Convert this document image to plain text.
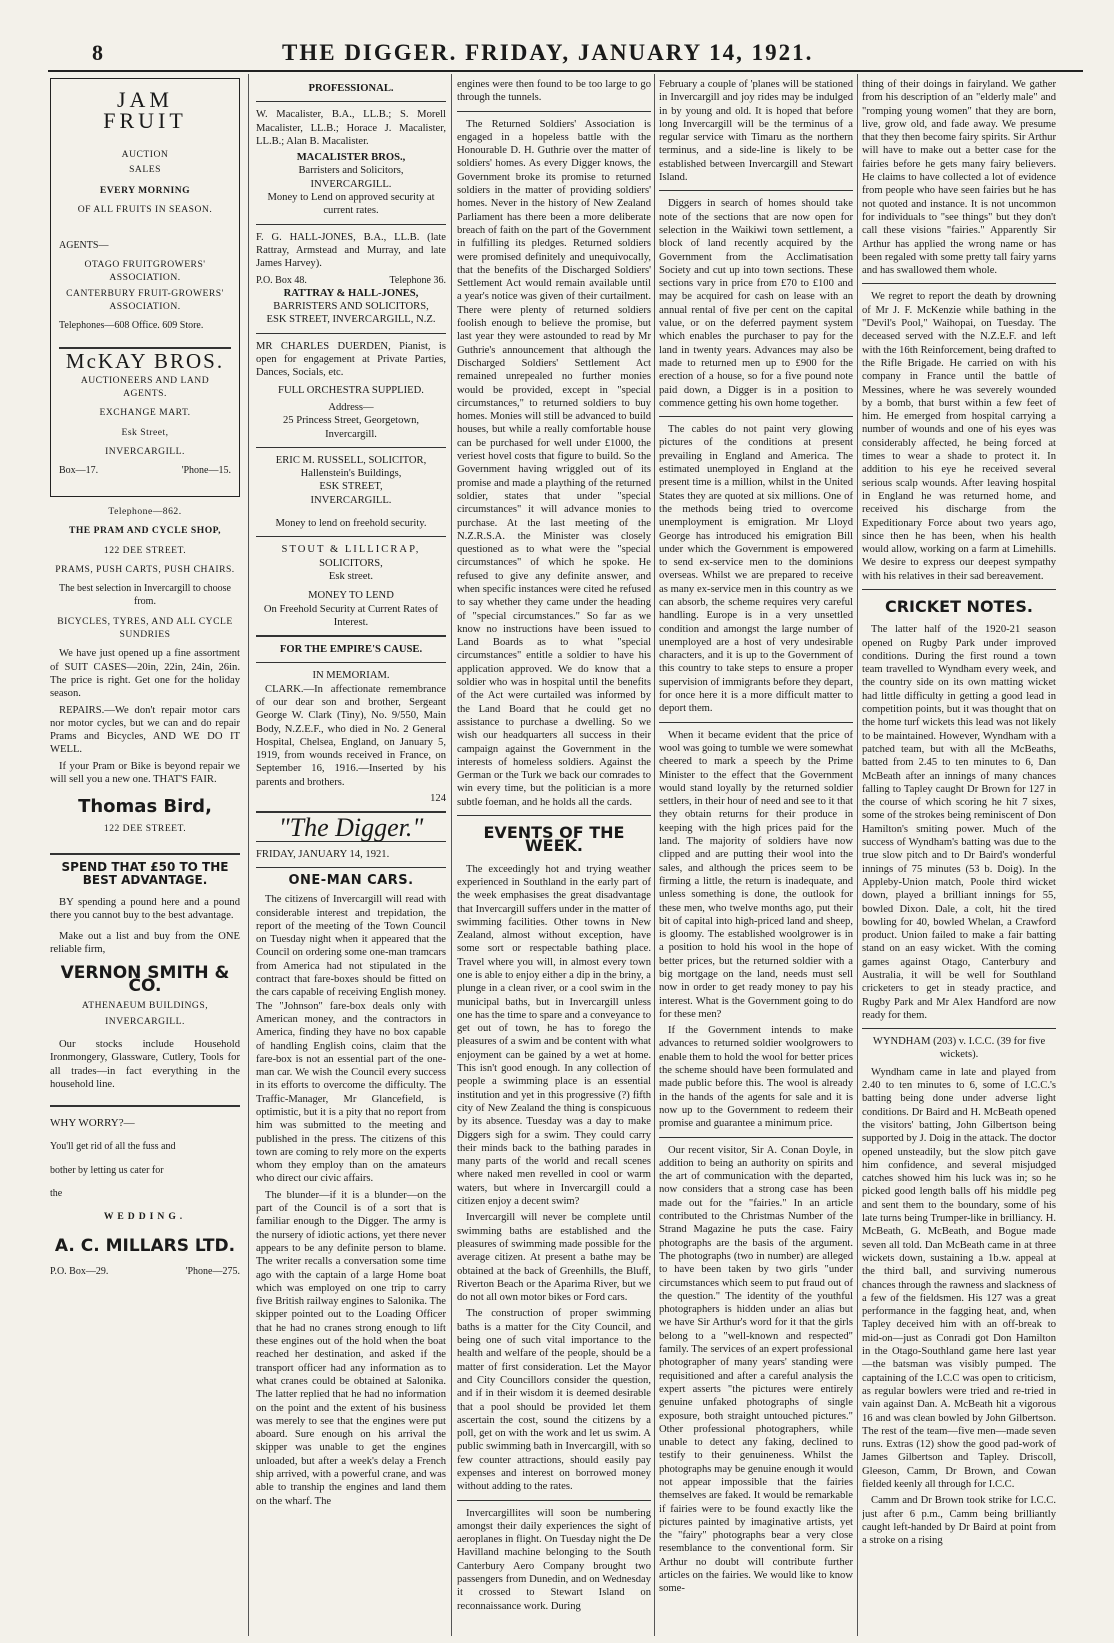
8	THE DIGGER. FRIDAY, JANUARY 14, 1921.
JAM
FRUIT
AUCTION
SALES
EVERY MORNING
OF ALL FRUITS IN SEASON.
AGENTS—
OTAGO FRUITGROWERS' ASSOCIATION.
CANTERBURY FRUIT-GROWERS' ASSOCIATION.
Telephones—608 Office. 609 Store.
McKAY BROS.
AUCTIONEERS AND LAND AGENTS.
EXCHANGE MART.
Esk Street,
INVERCARGILL.
Box—17.	'Phone—15.
Telephone—862.
THE PRAM AND CYCLE SHOP,
122 DEE STREET.
PRAMS, PUSH CARTS, PUSH CHAIRS.
The best selection in Invercargill to choose from.
BICYCLES, TYRES, AND ALL CYCLE SUNDRIES

We have just opened up a fine assortment of SUIT CASES—20in, 22in, 24in, 26in. The price is right. Get one for the holiday season.

REPAIRS.—We don't repair motor cars nor motor cycles, but we can and do repair Prams and Bicycles, AND WE DO IT WELL.

If your Pram or Bike is beyond repair we will sell you a new one. THAT'S FAIR.

Thomas Bird,
122 DEE STREET.
SPEND THAT £50 TO THE BEST ADVANTAGE.

BY spending a pound here and a pound there you cannot buy to the best advantage.

Make out a list and buy from the ONE reliable firm,

VERNON SMITH & CO.
ATHENAEUM BUILDINGS,
INVERCARGILL.

Our stocks include Household Ironmongery, Glassware, Cutlery, Tools for all trades—in fact everything in the household line.

WHY WORRY?—
You'll get rid of all the fuss and
bother by letting us cater for
the
WEDDING.
A. C. MILLARS LTD.
P.O. Box—29.	'Phone—275.
PROFESSIONAL.

W. Macalister, B.A., LL.B.; S. Morell Macalister, LL.B.; Horace J. Macalister, LL.B.; Alan B. Macalister.

MACALISTER BROS.,
Barristers and Solicitors,
INVERCARGILL.
Money to Lend on approved security at current rates.

F. G. HALL-JONES, B.A., LL.B. (late Rattray, Armstead and Murray, and late James Harvey).

P.O. Box 48.	Telephone 36.
RATTRAY & HALL-JONES,
BARRISTERS AND SOLICITORS,
ESK STREET, INVERCARGILL, N.Z.

MR CHARLES DUERDEN, Pianist, is open for engagement at Private Parties, Dances, Socials, etc.

FULL ORCHESTRA SUPPLIED.
Address—
25 Princess Street, Georgetown,
Invercargill.
ERIC M. RUSSELL, SOLICITOR,
Hallenstein's Buildings,
ESK STREET,
INVERCARGILL.
Money to lend on freehold security.
STOUT & LILLICRAP,
SOLICITORS,
Esk street.
MONEY TO LEND
On Freehold Security at Current Rates of Interest.
FOR THE EMPIRE'S CAUSE.
IN MEMORIAM.

CLARK.—In affectionate remembrance of our dear son and brother, Sergeant George W. Clark (Tiny), No. 9/550, Main Body, N.Z.E.F., who died in No. 2 General Hospital, Chelsea, England, on January 5, 1919, from wounds received in France, on September 16, 1916.—Inserted by his parents and brothers.

124
"The Digger."
FRIDAY, JANUARY 14, 1921.
ONE-MAN CARS.

The citizens of Invercargill will read with considerable interest and trepidation, the report of the meeting of the Town Council on Tuesday night when it appeared that the Council on ordering some one-man tramcars from America had not stipulated in the contract that fare-boxes should be fitted on the cars capable of receiving English money. The "Johnson" fare-box deals only with American money, and the contractors in America, finding they have no box capable of handling English coins, claim that the fare-box is not an essential part of the one-man car. We wish the Council every success in its efforts to overcome the difficulty. The Traffic-Manager, Mr Glancefield, is optimistic, but it is a pity that no report from him was submitted to the meeting and published in the press. The citizens of this town are coming to rely more on the experts whom they employ than on the amateurs who direct our civic affairs.

The blunder—if it is a blunder—on the part of the Council is of a sort that is familiar enough to the Digger. The army is the nursery of idiotic actions, yet there never appears to be any definite person to blame. The writer recalls a conversation some time ago with the captain of a large Home boat which was employed on one trip to carry five British railway engines to Salonika. The skipper pointed out to the Loading Officer that he had no cranes strong enough to lift these engines out of the hold when the boat reached her destination, and asked if the transport officer had any information as to what cranes could be obtained at Salonika. The latter replied that he had no information on the point and the extent of his business was merely to see that the engines were put aboard. Sure enough on his arrival the skipper was unable to get the engines unloaded, but after a week's delay a French ship arrived, with a powerful crane, and was able to tranship the engines and land them on the wharf. The

engines were then found to be too large to go through the tunnels.

The Returned Soldiers' Association is engaged in a hopeless battle with the Honourable D. H. Guthrie over the matter of soldiers' homes. As every Digger knows, the Government broke its promise to returned soldiers in the matter of providing soldiers' homes. Never in the history of New Zealand Parliament has there been a more deliberate breach of faith on the part of the Government in fulfilling its pledges. Returned soldiers were promised definitely and unequivocally, that the benefits of the Discharged Soldiers' Settlement Act would remain available until a year's notice was given of their curtailment. There were plenty of returned soldiers foolish enough to believe the promise, but last year they were astounded to read by Mr Guthrie's announcement that although the Discharged Soldiers' Settlement Act remained unrepealed no further monies would be provided, except in "special circumstances," to returned soldiers to buy homes. Monies will still be advanced to build houses, but while a really comfortable house can be purchased for well under £1000, the veriest hovel costs that figure to build. So the Government having wriggled out of its promise and made a plaything of the returned soldier, states that under "special circumstances" it will advance monies to purchase. At the last meeting of the N.Z.R.S.A. the Minister was closely questioned as to what were the "special circumstances" of which he spoke. He refused to give any definite answer, and when specific instances were cited he refused to say whether they came under the heading of "special circumstances." So far as we know no instructions have been issued to Land Boards as to what "special circumstances" entitle a soldier to have his application approved. We do know that a soldier who was in hospital until the benefits of the Act were curtailed was informed by the Land Board that he could get no assistance to purchase a dwelling. So we wish our headquarters all success in their campaign against the Government in the interests of homeless soldiers. Against the German or the Turk we back our comrades to win every time, but the politician is a more subtle foeman, and he holds all the cards.

EVENTS OF THE WEEK.

The exceedingly hot and trying weather experienced in Southland in the early part of the week emphasises the great disadvantage that Invercargill suffers under in the matter of swimming facilities. Other towns in New Zealand, almost without exception, have some sort or respectable bathing place. Travel where you will, in almost every town one is able to enjoy either a dip in the briny, a plunge in a clean river, or a cool swim in the municipal baths, but in Invercargill unless one has the time to spare and a conveyance to get out of town, he has to forego the pleasures of a swim and be content with what enjoyment can be gained by a wet at home. This isn't good enough. In any collection of people a swimming place is an essential institution and yet in this progressive (?) fifth city of New Zealand the thing is conspicuous by its absence. Tuesday was a day to make Diggers sigh for a swim. They could carry their minds back to the bathing parades in many parts of the world and recall scenes where naked men revelled in cool or warm waters, but where in Invercargill could a citizen enjoy a decent swim?

Invercargill will never be complete until swimming baths are established and the pleasures of swimming made possible for the average citizen. At present a bathe may be obtained at the back of Greenhills, the Bluff, Riverton Beach or the Aparima River, but we do not all own motor bikes or Ford cars.

The construction of proper swimming baths is a matter for the City Council, and being one of such vital importance to the health and welfare of the people, should be a matter of first consideration. Let the Mayor and City Councillors consider the question, and if in their wisdom it is deemed desirable that a pool should be provided let them ascertain the cost, sound the citizens by a poll, get on with the work and let us swim. A public swimming bath in Invercargill, with so few counter attractions, should easily pay expenses and interest on borrowed money without adding to the rates.

Invercargillites will soon be numbering amongst their daily experiences the sight of aeroplanes in flight. On Tuesday night the De Havilland machine belonging to the South Canterbury Aero Company brought two passengers from Dunedin, and on Wednesday it crossed to Stewart Island on reconnaissance work. During

February a couple of 'planes will be stationed in Invercargill and joy rides may be indulged in by young and old. It is hoped that before long Invercargill will be the terminus of a regular service with Timaru as the northern terminus, and a side-line is likely to be established between Invercargill and Stewart Island.

Diggers in search of homes should take note of the sections that are now open for selection in the Waikiwi town settlement, a block of land recently acquired by the Government from the Acclimatisation Society and cut up into town sections. These sections vary in price from £70 to £100 and may be acquired for cash on lease with an annual rental of five per cent on the capital value, or on the deferred payment system which enables the purchaser to pay for the land in twenty years. Advances may also be made to returned men up to £900 for the erection of a house, so for a five pound note paid down, a Digger is in a position to commence getting his own home together.

The cables do not paint very glowing pictures of the conditions at present prevailing in England and America. The estimated unemployed in England at the present time is a million, whilst in the United States they are quoted at six millions. One of the methods being tried to overcome unemployment is emigration. Mr Lloyd George has introduced his emigration Bill under which the Government is empowered to send ex-service men to the dominions overseas. Whilst we are prepared to receive as many ex-service men in this country as we can absorb, the scheme requires very careful handling. Europe is in a very unsettled condition and amongst the large number of unemployed are a host of very undesirable characters, and it is up to the Government of this country to take steps to ensure a proper supervision of immigrants before they depart, for once here it is a more difficult matter to deport them.

When it became evident that the price of wool was going to tumble we were somewhat cheered to mark a speech by the Prime Minister to the effect that the Government would stand loyally by the returned soldier settlers, in their hour of need and see to it that they obtain returns for their produce in keeping with the high prices paid for the land. The majority of soldiers have now clipped and are putting their wool into the sales, and although the prices seem to be firming a little, the return is inadequate, and unless something is done, the outlook for these men, who twelve months ago, put their bit of capital into high-priced land and sheep, is gloomy. The established woolgrower is in a position to hold his wool in the hope of better prices, but the returned soldier with a big mortgage on the land, needs must sell now in order to get ready money to pay his interest. What is the Government going to do for these men?

If the Government intends to make advances to returned soldier woolgrowers to enable them to hold the wool for better prices the scheme should have been formulated and made public before this. The wool is already in the hands of the agents for sale and it is now up to the Government to redeem their promise and guarantee a minimum price.

Our recent visitor, Sir A. Conan Doyle, in addition to being an authority on spirits and the art of communication with the departed, now considers that a strong case has been made out for the "fairies." In an article contributed to the Christmas Number of the Strand Magazine he puts the case. Fairy photographs are the basis of the argument. The photographs (two in number) are alleged to have been taken by two girls "under circumstances which seem to put fraud out of the question." The identity of the youthful photographers is hidden under an alias but we have Sir Arthur's word for it that the girls belong to a "well-known and respected" family. The services of an expert professional photographer of many years' standing were requisitioned and after a careful analysis the expert asserts "the pictures were entirely genuine unfaked photographs of single exposure, both straight untouched pictures." Other professional photographers, while unable to detect any faking, declined to testify to their genuineness. Whilst the photographs may be genuine enough it would not appear impossible that the fairies themselves are faked. It would be remarkable if fairies were to be found exactly like the pictures painted by imaginative artists, yet the "fairy" photographs bear a very close resemblance to the conventional form. Sir Arthur no doubt will contribute further articles on the fairies. We would like to know some-

thing of their doings in fairyland. We gather from his description of an "elderly male" and "romping young women" that they are born, live, grow old, and fade away. We presume that they then become fairy spirits. Sir Arthur will have to make out a better case for the fairies before he gets many fairy believers. He claims to have collected a lot of evidence from people who have seen fairies but he has not quoted and instance. It is not uncommon for individuals to "see things" but they don't call these visions "fairies." Apparently Sir Arthur has applied the wrong name or has been regaled with some pretty tall fairy yarns and has swallowed them whole.

We regret to report the death by drowning of Mr J. F. McKenzie while bathing in the "Devil's Pool," Waihopai, on Tuesday. The deceased served with the N.Z.E.F. and left with the 16th Reinforcement, being drafted to the Rifle Brigade. He carried on with his company in France until the battle of Messines, where he was severely wounded by a bomb, that burst within a few feet of him. He emerged from hospital carrying a number of wounds and one of his eyes was considerably affected, he being forced at times to wear a shade to protect it. In addition to his eye he received several serious scalp wounds. After leaving hospital in England he was returned home, and received his discharge from the Expeditionary Force about two years ago, since then he has been, when his health would allow, working on a farm at Limehills. We desire to express our deepest sympathy with his relatives in their sad bereavement.

CRICKET NOTES.

The latter half of the 1920-21 season opened on Rugby Park under improved conditions. During the first round a town team travelled to Wyndham every week, and the country side on its own matting wicket had little difficulty in getting a good lead in competition points, but it was thought that on the home turf wickets this lead was not likely to be maintained. However, Wyndham with a patched team, but with all the McBeaths, batted from 2.45 to ten minutes to 6, Dan McBeath after an innings of many chances falling to Tapley caught Dr Brown for 127 in the course of which scoring he hit 7 sixes, some of the strokes being reminiscent of Don Hamilton's smiting power. Much of the success of Wyndham's batting was due to the true slow pitch and to Dr Baird's wonderful innings of 75 minutes (53 b. Doig). In the Appleby-Union match, Poole third wicket down, played a brilliant innings for 55, bowled Dixon. Dale, a colt, hit the tired bowling for 40, bowled Whelan, a Crawford product. Union failed to make a fair batting stand on an easy wicket. With the coming games against Otago, Canterbury and Australia, it will be well for Southland cricketers to get in steady practice, and Rugby Park and Mr Alex Handford are now ready for them.

WYNDHAM (203) v. I.C.C. (39 for five wickets).

Wyndham came in late and played from 2.40 to ten minutes to 6, some of I.C.C.'s batting being done under adverse light conditions. Dr Baird and H. McBeath opened the visitors' batting, John Gilbertson being supported by J. Doig in the attack. The doctor opened unsteadily, but the slow pitch gave him confidence, and several misjudged catches showed him his luck was in; so he picked good length balls off his middle peg and sent them to the boundary, some of his late turns being Trumper-like in brilliancy. H. McBeath, G. McBeath, and Bogue made seven all told. Dan McBeath came in at three wickets down, sustaining a 1b.w. appeal at the third ball, and surviving numerous chances through the rawness and slackness of a few of the fieldsmen. His 127 was a great performance in the fagging heat, and, when Tapley deceived him with an off-break to mid-on—just as Conradi got Don Hamilton in the Otago-Southland game here last year—the batsman was visibly pumped. The captaining of the I.C.C was open to criticism, as regular bowlers were tried and re-tried in vain against Dan. A. McBeath hit a vigorous 16 and was clean bowled by John Gilbertson. The rest of the team—five men—made seven runs. Extras (12) show the good pad-work of James Gilbertson and Tapley. Driscoll, Gleeson, Camm, Dr Brown, and Cowan fielded keenly all through for I.C.C.

Camm and Dr Brown took strike for I.C.C. just after 6 p.m., Camm being brilliantly caught left-handed by Dr Baird at point from a stroke on a rising
